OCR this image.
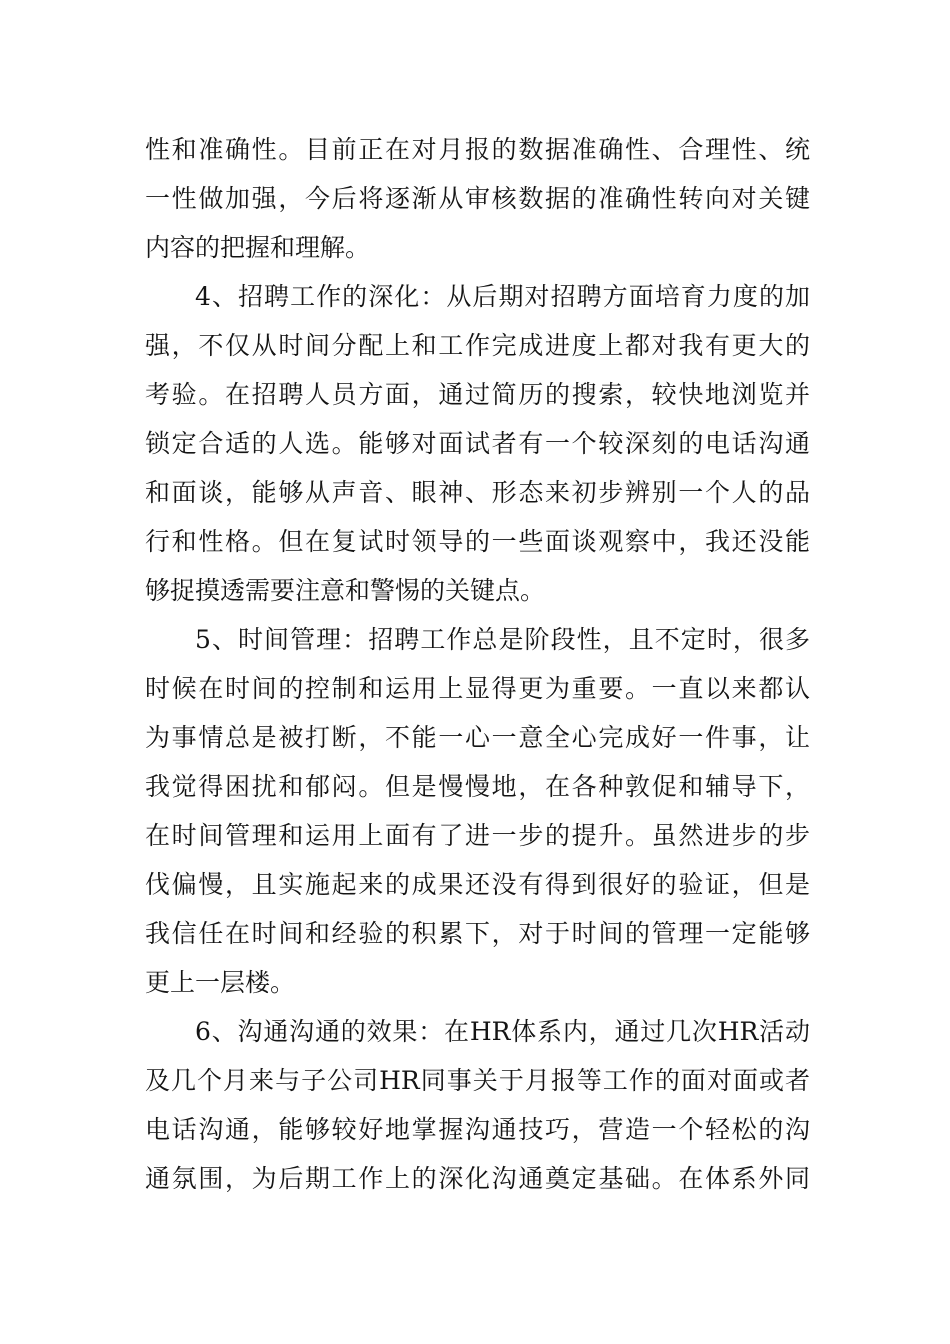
性和准确性。目前正在对月报的数据准确性、合理性、统
一性做加强，今后将逐渐从审核数据的准确性转向对关键
内容的把握和理解。
4、招聘工作的深化：从后期对招聘方面培育力度的加
强，不仅从时间分配上和工作完成进度上都对我有更大的
考验。在招聘人员方面，通过简历的搜索，较快地浏览并
锁定合适的人选。能够对面试者有一个较深刻的电话沟通
和面谈，能够从声音、眼神、形态来初步辨别一个人的品
行和性格。但在复试时领导的一些面谈观察中，我还没能
够捉摸透需要注意和警惕的关键点。
5、时间管理：招聘工作总是阶段性，且不定时，很多
时候在时间的控制和运用上显得更为重要。一直以来都认
为事情总是被打断，不能一心一意全心完成好一件事，让
我觉得困扰和郁闷。但是慢慢地，在各种敦促和辅导下，
在时间管理和运用上面有了进一步的提升。虽然进步的步
伐偏慢，且实施起来的成果还没有得到很好的验证，但是
我信任在时间和经验的积累下，对于时间的管理一定能够
更上一层楼。
6、沟通沟通的效果：在HR体系内，通过几次HR活动
及几个月来与子公司HR同事关于月报等工作的面对面或者
电话沟通，能够较好地掌握沟通技巧，营造一个轻松的沟
通氛围，为后期工作上的深化沟通奠定基础。在体系外同
